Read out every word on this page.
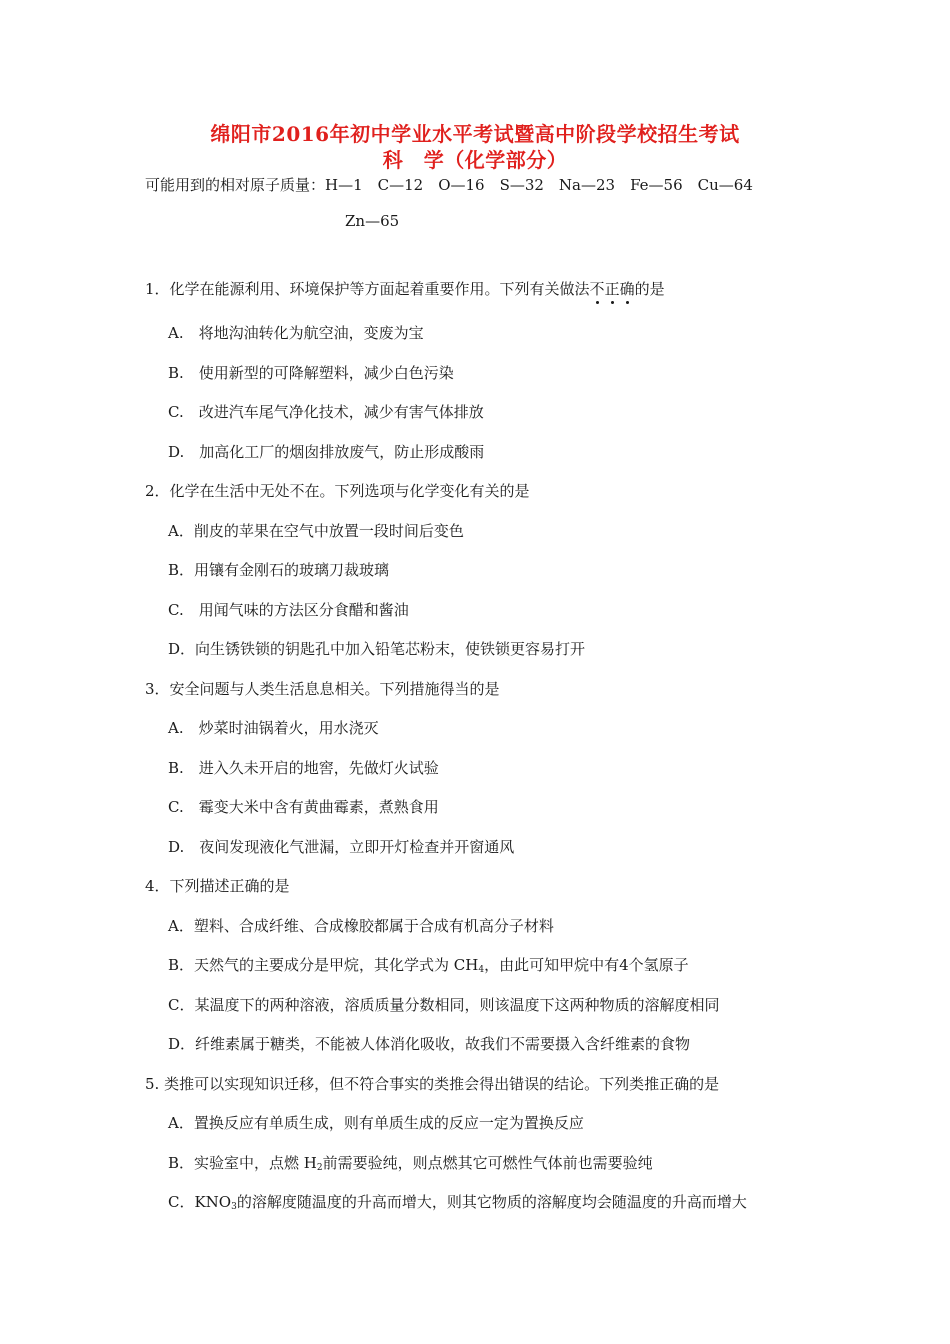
绵阳市2016年初中学业水平考试暨高中阶段学校招生考试
科　学（化学部分）
可能用到的相对原子质量：H—1　C—12　O—16　S—32　Na—23　Fe—56　Cu—64
Zn—65
1．化学在能源利用、环境保护等方面起着重要作用。下列有关做法不正确的是
A.　将地沟油转化为航空油，变废为宝
B.　使用新型的可降解塑料，减少白色污染
C.　改进汽车尾气净化技术，减少有害气体排放
D.　加高化工厂的烟囱排放废气，防止形成酸雨
2．化学在生活中无处不在。下列选项与化学变化有关的是
A．削皮的苹果在空气中放置一段时间后变色
B．用镶有金刚石的玻璃刀裁玻璃
C.　用闻气味的方法区分食醋和酱油
D．向生锈铁锁的钥匙孔中加入铅笔芯粉末，使铁锁更容易打开
3．安全问题与人类生活息息相关。下列措施得当的是
A.　炒菜时油锅着火，用水浇灭
B.　进入久未开启的地窖，先做灯火试验
C.　霉变大米中含有黄曲霉素，煮熟食用
D.　夜间发现液化气泄漏，立即开灯检查并开窗通风
4．下列描述正确的是
A．塑料、合成纤维、合成橡胶都属于合成有机高分子材料
B．天然气的主要成分是甲烷，其化学式为 $CH_4$，由此可知甲烷中有4个氢原子
C．某温度下的两种溶液，溶质质量分数相同，则该温度下这两种物质的溶解度相同
D．纤维素属于糖类，不能被人体消化吸收，故我们不需要摄入含纤维素的食物
5. 类推可以实现知识迁移，但不符合事实的类推会得出错误的结论。下列类推正确的是
A．置换反应有单质生成，则有单质生成的反应一定为置换反应
B．实验室中，点燃 $H_2$前需要验纯，则点燃其它可燃性气体前也需要验纯
C．$KNO_3$的溶解度随温度的升高而增大，则其它物质的溶解度均会随温度的升高而增大
